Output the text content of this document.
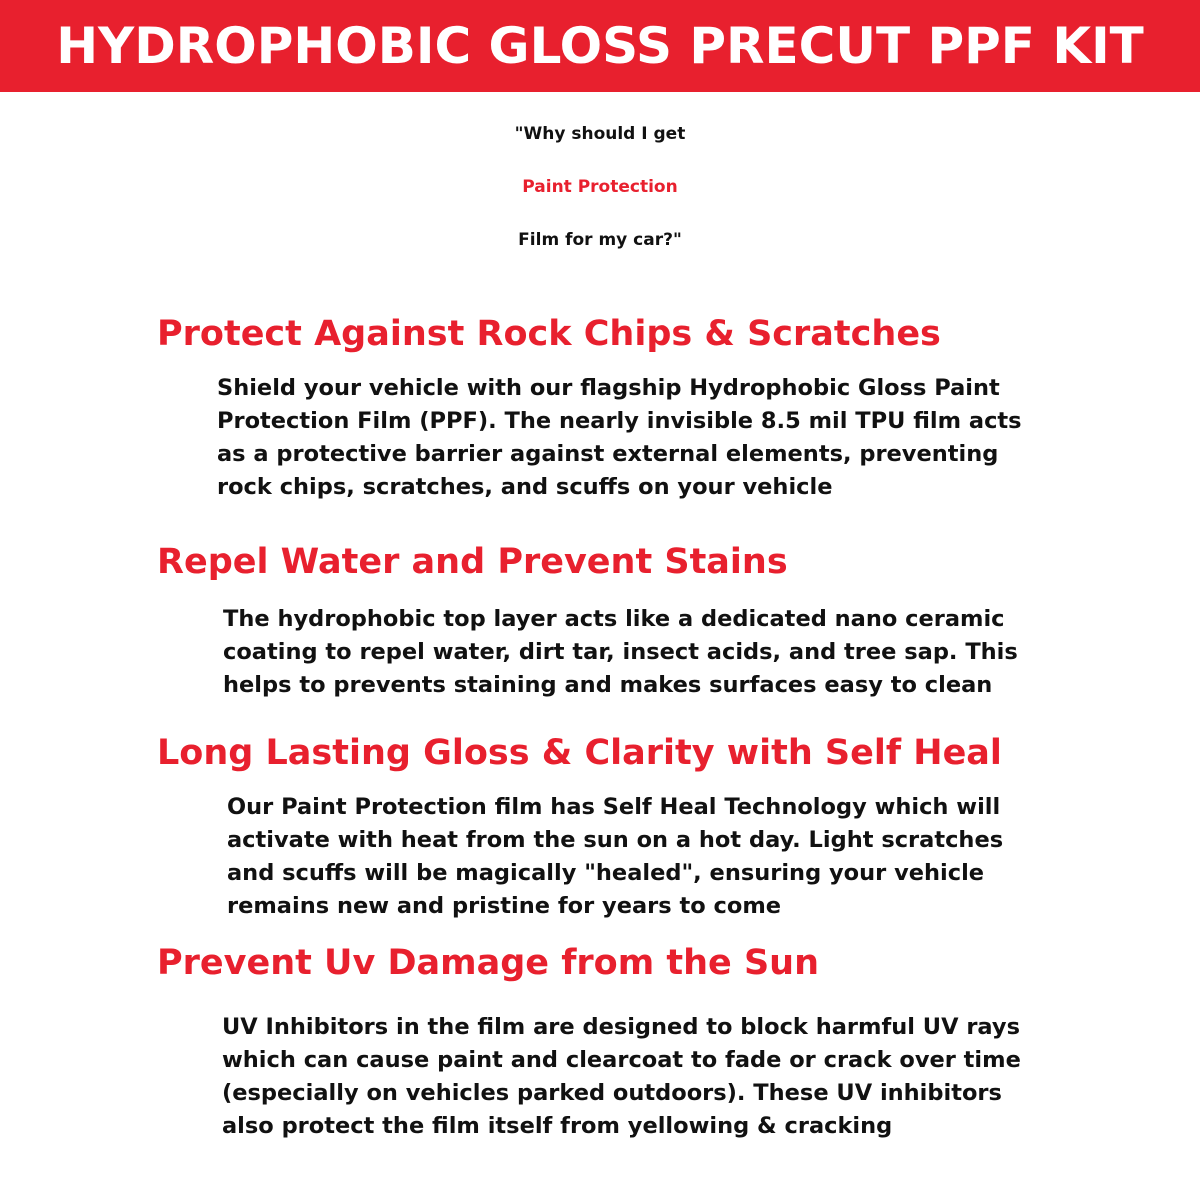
HYDROPHOBIC GLOSS PRECUT PPF KIT
"Why should I get
Paint Protection
Film for my car?"
Protect Against Rock Chips & Scratches
Shield your vehicle with our flagship Hydrophobic Gloss Paint
Protection Film (PPF). The nearly invisible 8.5 mil TPU film acts
as a protective barrier against external elements, preventing
rock chips, scratches, and scuffs on your vehicle
Repel Water and Prevent Stains
The hydrophobic top layer acts like a dedicated nano ceramic
coating to repel water, dirt tar, insect acids, and tree sap. This
helps to prevents staining and makes surfaces easy to clean
Long Lasting Gloss & Clarity with Self Heal
Our Paint Protection film has Self Heal Technology which will
activate with heat from the sun on a hot day. Light scratches
and scuffs will be magically "healed", ensuring your vehicle
remains new and pristine for years to come
Prevent Uv Damage from the Sun
UV Inhibitors in the film are designed to block harmful UV rays
which can cause paint and clearcoat to fade or crack over time
(especially on vehicles parked outdoors). These UV inhibitors
also protect the film itself from yellowing & cracking
